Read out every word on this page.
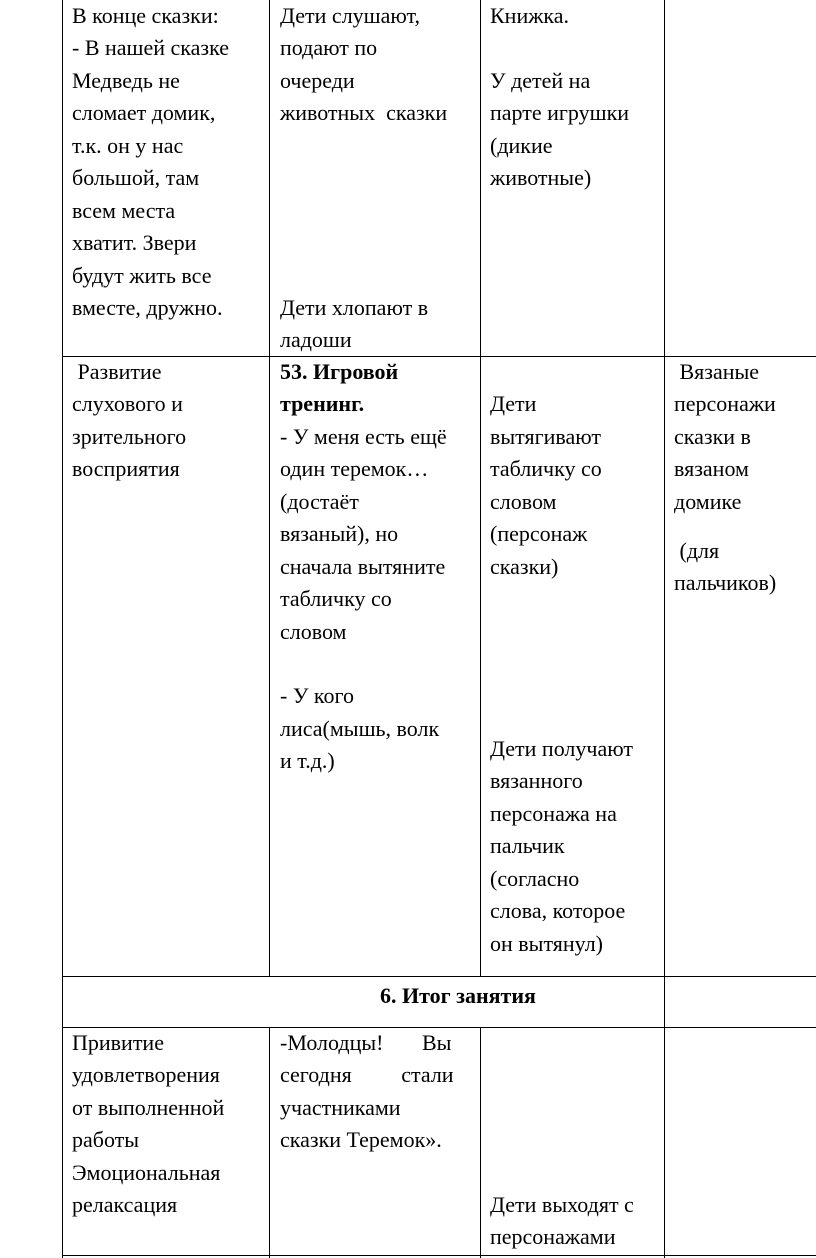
В конце сказки:
- В нашей сказке
Медведь не
сломает домик,
т.к. он у нас
большой, там
всем места
хватит. Звери
будут жить все
вместе, дружно.
Дети слушают,
подают по
очереди
животных  сказки
Дети хлопают в
ладоши
Книжка.
У детей на
парте игрушки
(дикие
животные)
Развитие
слухового и
зрительного
восприятия
53. Игровой
тренинг.
- У меня есть ещё
один теремок…
(достаёт
вязаный), но
сначала вытяните
табличку со
словом
- У кого
лиса(мышь, волк
и т.д.)
Дети
вытягивают
табличку со
словом
(персонаж
сказки)
Дети получают
вязанного
персонажа на
пальчик
(согласно
слова, которое
он вытянул)
Вязаные
персонажи
сказки в
вязаном
домике
(для
пальчиков)
6. Итог занятия
Привитие
удовлетворения
от выполненной
работы
Эмоциональная
релаксация
-Молодцы!       Вы
сегодня         стали
участниками
сказки Теремок».
Дети выходят с
персонажами
